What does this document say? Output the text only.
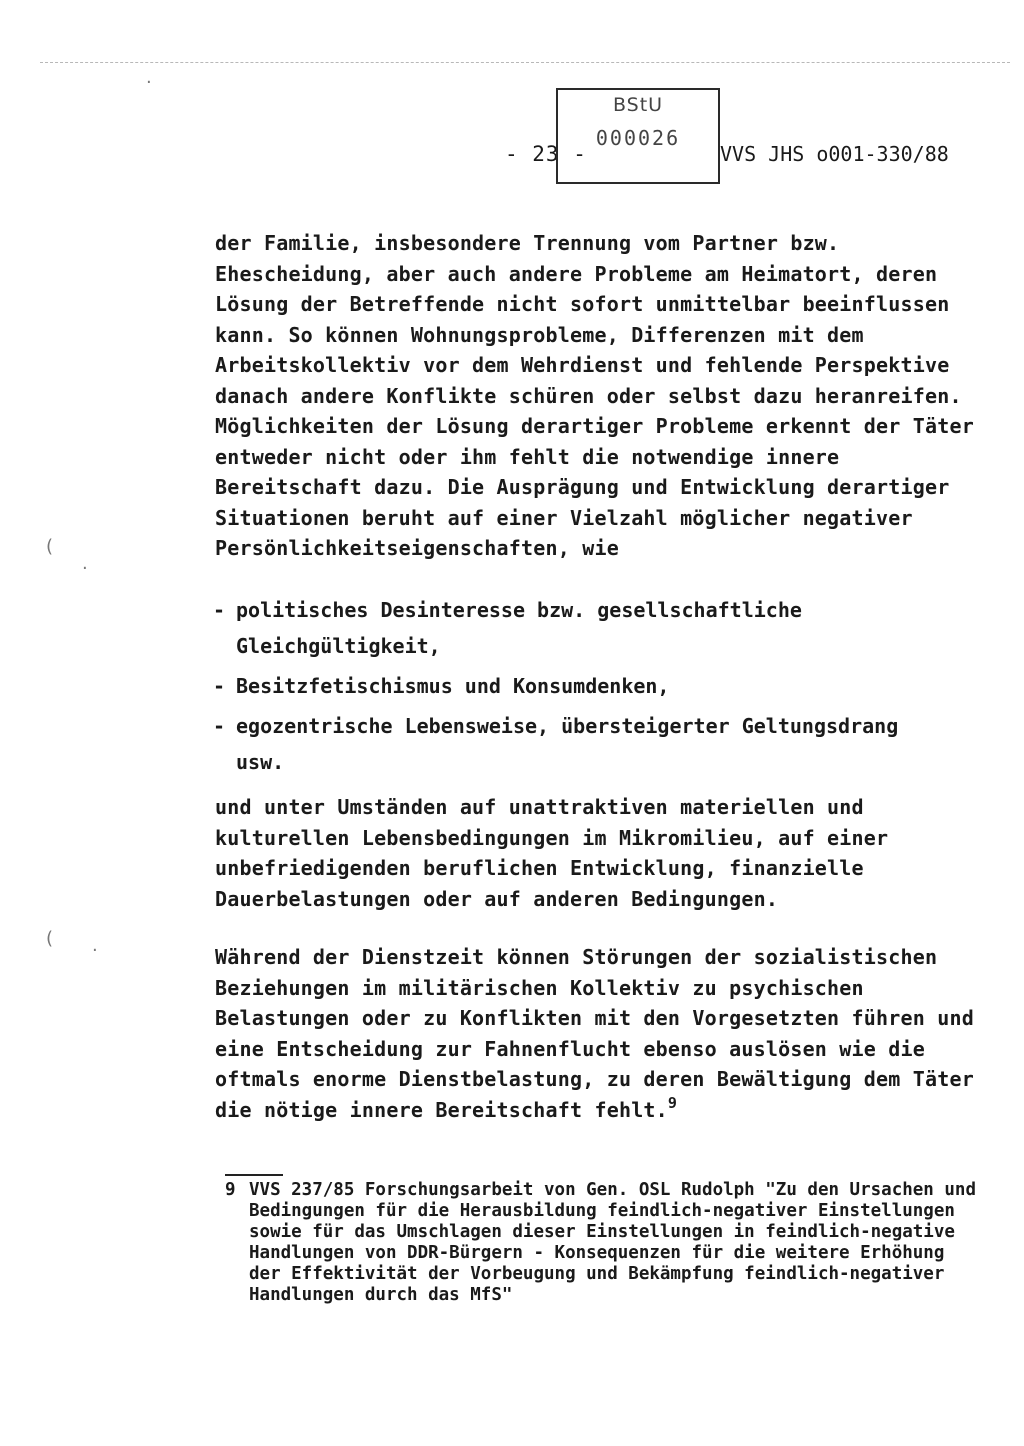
- 23 -
BStU
000026
VVS JHS o001-330/88
·
(
·
(
·
der Familie, insbesondere Trennung vom Partner bzw. Ehescheidung, aber auch andere Probleme am Heimatort, deren Lösung der Betreffende nicht sofort unmittelbar beeinflussen kann. So können Wohnungsprobleme, Differenzen mit dem Arbeitskollektiv vor dem Wehrdienst und fehlende Perspektive danach andere Konflikte schüren oder selbst dazu heranreifen. Möglichkeiten der Lösung derartiger Probleme erkennt der Täter entweder nicht oder ihm fehlt die notwendige innere Bereitschaft dazu. Die Ausprägung und Entwicklung derartiger Situationen beruht auf einer Vielzahl möglicher negativer Persönlichkeitseigenschaften, wie
- politisches Desinteresse bzw. gesellschaftliche Gleichgültigkeit,
- Besitzfetischismus und Konsumdenken,
- egozentrische Lebensweise, übersteigerter Geltungsdrang usw.
und unter Umständen auf unattraktiven materiellen und kulturellen Lebensbedingungen im Mikromilieu, auf einer unbefriedigenden beruflichen Entwicklung, finanzielle Dauerbelastungen oder auf anderen Bedingungen.
Während der Dienstzeit können Störungen der sozialistischen Beziehungen im militärischen Kollektiv zu psychischen Belastungen oder zu Konflikten mit den Vorgesetzten führen und eine Entscheidung zur Fahnenflucht ebenso auslösen wie die oftmals enorme Dienstbelastung, zu deren Bewältigung dem Täter die nötige innere Bereitschaft fehlt.$^9$
9 VVS 237/85 Forschungsarbeit von Gen. OSL Rudolph "Zu den Ursachen und Bedingungen für die Herausbildung feindlich-negativer Einstellungen sowie für das Umschlagen dieser Einstellungen in feindlich-negative Handlungen von DDR-Bürgern - Konsequenzen für die weitere Erhöhung der Effektivität der Vorbeugung und Bekämpfung feindlich-negativer Handlungen durch das MfS"
